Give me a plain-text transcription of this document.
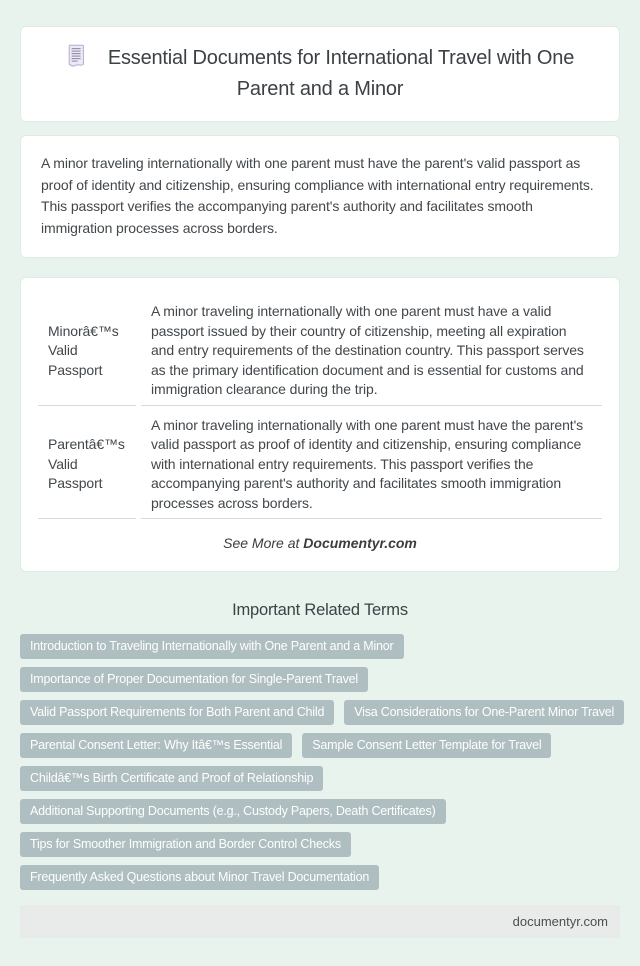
Essential Documents for International Travel with One Parent and a Minor

A minor traveling internationally with one parent must have the parent's valid passport as proof of identity and citizenship, ensuring compliance with international entry requirements. This passport verifies the accompanying parent's authority and facilitates smooth immigration processes across borders.

Minorâ€™s Valid Passport	A minor traveling internationally with one parent must have a valid passport issued by their country of citizenship, meeting all expiration and entry requirements of the destination country. This passport serves as the primary identification document and is essential for customs and immigration clearance during the trip.
Parentâ€™s Valid Passport	A minor traveling internationally with one parent must have the parent's valid passport as proof of identity and citizenship, ensuring compliance with international entry requirements. This passport verifies the accompanying parent's authority and facilitates smooth immigration processes across borders.

See More at Documentyr.com

Important Related Terms
Introduction to Traveling Internationally with One Parent and a Minor
Importance of Proper Documentation for Single-Parent Travel
Valid Passport Requirements for Both Parent and Child	Visa Considerations for One-Parent Minor Travel
Parental Consent Letter: Why Itâ€™s Essential	Sample Consent Letter Template for Travel
Childâ€™s Birth Certificate and Proof of Relationship
Additional Supporting Documents (e.g., Custody Papers, Death Certificates)
Tips for Smoother Immigration and Border Control Checks
Frequently Asked Questions about Minor Travel Documentation
documentyr.com
